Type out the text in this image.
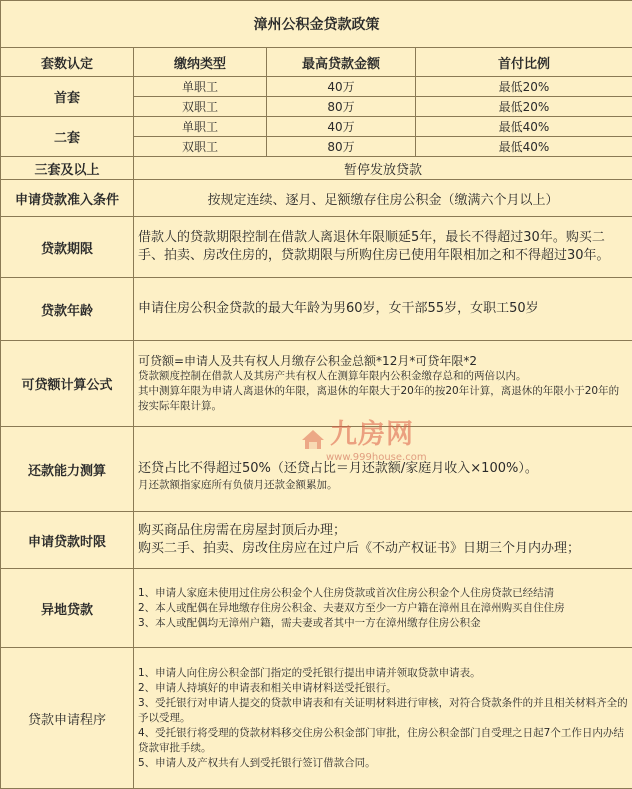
漳州公积金贷款政策			
套数认定	缴纳类型	最高贷款金额	首付比例
首套	单职工	40万	最低20%
	双职工	80万	最低20%
二套	单职工	40万	最低40%
	双职工	80万	最低40%
三套及以上	暂停发放贷款		
申请贷款准入条件	按规定连续、逐月、足额缴存住房公积金（缴满六个月以上）		
贷款期限	借款人的贷款期限控制在借款人离退休年限顺延5年，最长不得超过30年。购买二手、拍卖、房改住房的，贷款期限与所购住房已使用年限相加之和不得超过30年。		
贷款年龄	申请住房公积金贷款的最大年龄为男60岁，女干部55岁，女职工50岁		
可贷额计算公式	可贷额=申请人及共有权人月缴存公积金总额*12月*可贷年限*2

贷款额度控制在借款人及其房产共有权人在测算年限内公积金缴存总和的两倍以内。

其中测算年限为申请人离退休的年限，离退休的年限大于20年的按20年计算，离退休的年限小于20年的按实际年限计算。		

还款能力测算	还贷占比不得超过50%（还贷占比＝月还款额/家庭月收入×100%）。

月还款额指家庭所有负债月还款金额累加。		

申请贷款时限	购买商品住房需在房屋封顶后办理；

购买二手、拍卖、房改住房应在过户后《不动产权证书》日期三个月内办理；		

异地贷款	1、申请人家庭未使用过住房公积金个人住房贷款或首次住房公积金个人住房贷款已经结清

2、本人或配偶在异地缴存住房公积金、夫妻双方至少一方户籍在漳州且在漳州购买自住住房

3、本人或配偶均无漳州户籍，需夫妻或者其中一方在漳州缴存住房公积金		

贷款申请程序	1、申请人向住房公积金部门指定的受托银行提出申请并领取贷款申请表。

2、申请人持填好的申请表和相关申请材料送受托银行。

3、受托银行对申请人提交的贷款申请表和有关证明材料进行审核，对符合贷款条件的并且相关材料齐全的予以受理。

4、受托银行将受理的贷款材料移交住房公积金部门审批，住房公积金部门自受理之日起7个工作日内办结贷款审批手续。

5、申请人及产权共有人到受托银行签订借款合同。		

九房网
www.999house.com
